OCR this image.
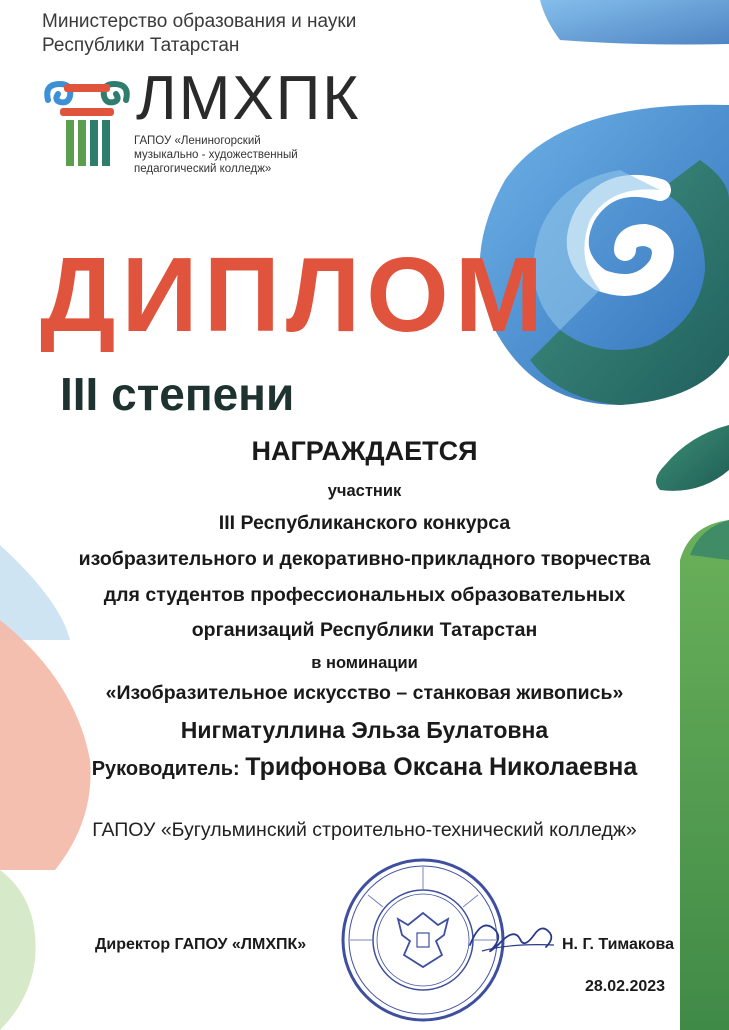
Министерство образования и науки
Республики Татарстан
ЛМХПК
ГАПОУ «Лениногорский
музыкально - художественный
педагогический колледж»
ДИПЛОМ
III степени
НАГРАЖДАЕТСЯ
участник
III Республиканского конкурса
изобразительного и декоративно-прикладного творчества
для студентов профессиональных образовательных
организаций Республики Татарстан
в номинации
«Изобразительное искусство – станковая живопись»
Нигматуллина Эльза Булатовна
Руководитель: Трифонова Оксана Николаевна
ГАПОУ «Бугульминский строительно-технический колледж»
Директор ГАПОУ «ЛМХПК»	Н. Г. Тимакова
28.02.2023
